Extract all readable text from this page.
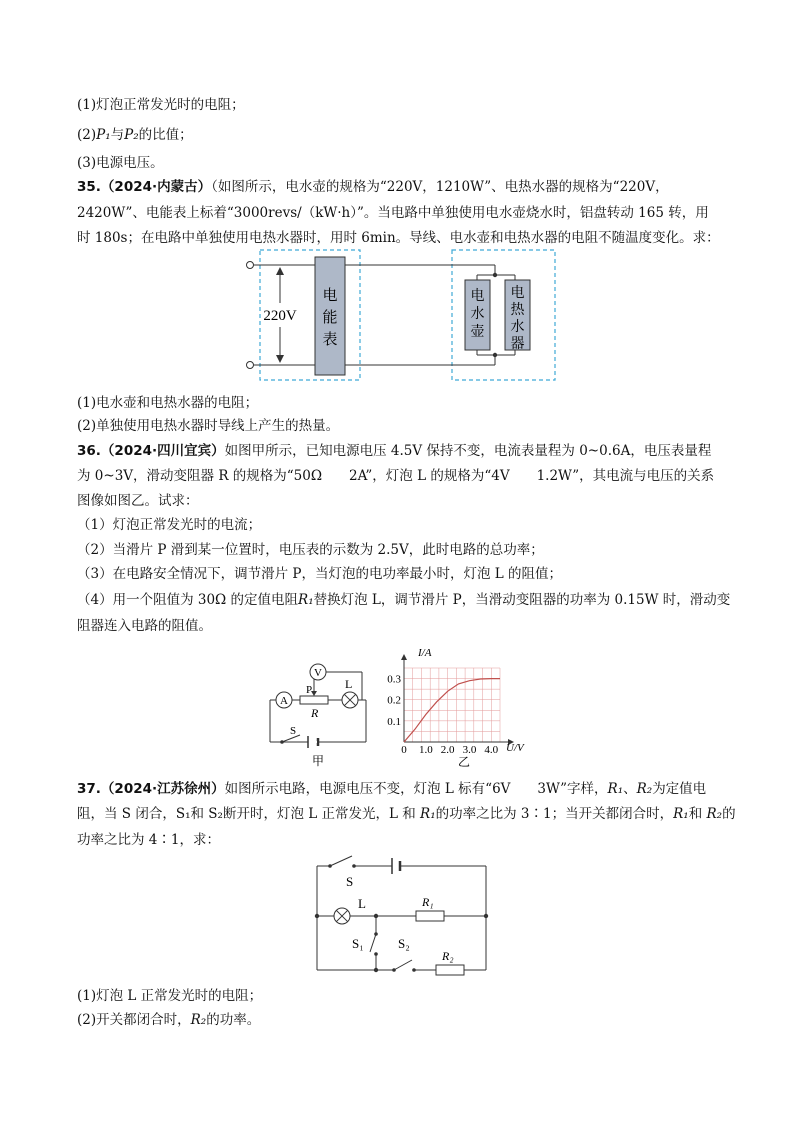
(1)灯泡正常发光时的电阻；
(2)P₁与P₂的比值；
(3)电源电压。
35.（2024·内蒙古）（如图所示，电水壶的规格为“220V，1210W”、电热水器的规格为“220V，
2420W”、电能表上标着“3000revs/（kW·h）”。当电路中单独使用电水壶烧水时，铝盘转动 165 转，用
时 180s；在电路中单独使用电热水器时，用时 6min。导线、电水壶和电热水器的电阻不随温度变化。求：
220V
电能表
电水壶
电热水器
(1)电水壶和电热水器的电阻；
(2)单独使用电热水器时导线上产生的热量。
36.（2024·四川宜宾）如图甲所示，已知电源电压 4.5V 保持不变，电流表量程为 0~0.6A，电压表量程
为 0~3V，滑动变阻器 R 的规格为“50Ω　　2A”，灯泡 L 的规格为“4V　　1.2W”，其电流与电压的关系
图像如图乙。试求：
（1）灯泡正常发光时的电流；
（2）当滑片 P 滑到某一位置时，电压表的示数为 2.5V，此时电路的总功率；
（3）在电路安全情况下，调节滑片 P，当灯泡的电功率最小时，灯泡 L 的阻值；
（4）用一个阻值为 30Ω 的定值电阻R₁替换灯泡 L，调节滑片 P，当滑动变阻器的功率为 0.15W 时，滑动变
阻器连入电路的阻值。
A
P
R
V
L
S
甲
0 1.0 2.0 3.0 4.0
0.1
0.2
0.3
I/A
U/V
乙
37.（2024·江苏徐州）如图所示电路，电源电压不变，灯泡 L 标有“6V　　3W”字样，R₁、R₂为定值电
阻，当 S 闭合，S₁和 S₂断开时，灯泡 L 正常发光，L 和 R₁的功率之比为 3∶1；当开关都闭合时，R₁和 R₂的
功率之比为 4∶1，求：
S
L	R₁
S₁	S₂
R₂
(1)灯泡 L 正常发光时的电阻；
(2)开关都闭合时，R₂的功率。
